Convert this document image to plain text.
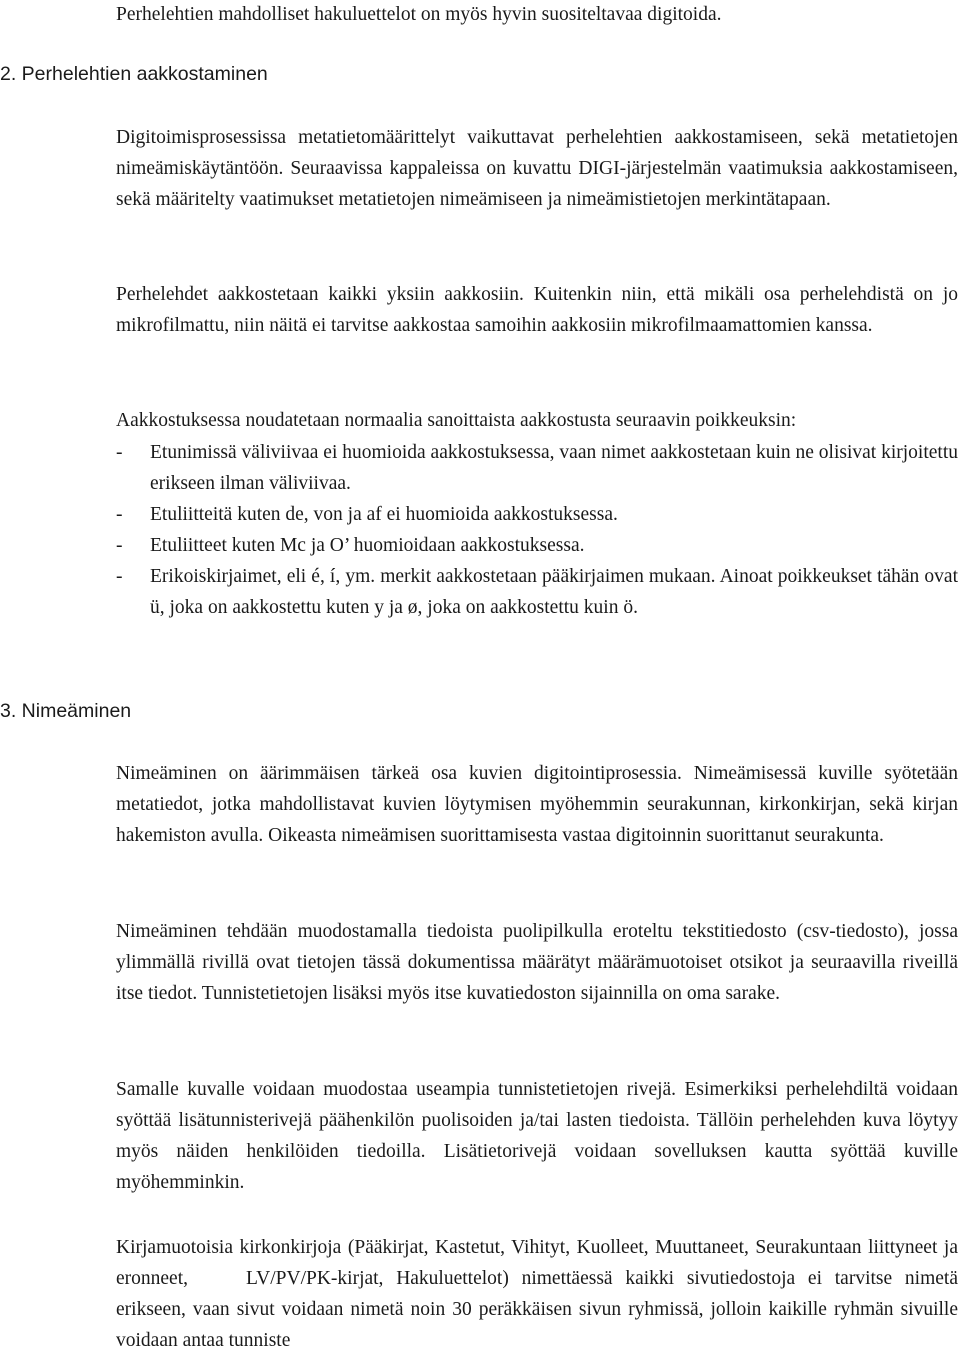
Perhelehtien mahdolliset hakuluettelot on myös hyvin suositeltavaa digitoida.

2. Perhelehtien aakkostaminen

Digitoimisprosessissa metatietomäärittelyt vaikuttavat perhelehtien aakkostamiseen, sekä metatietojen nimeämiskäytäntöön. Seuraavissa kappaleissa on kuvattu DIGI-järjestelmän vaatimuksia aakkostamiseen, sekä määritelty vaatimukset metatietojen nimeämiseen ja nimeämistietojen merkintätapaan.

Perhelehdet aakkostetaan kaikki yksiin aakkosiin. Kuitenkin niin, että mikäli osa perhelehdistä on jo mikrofilmattu, niin näitä ei tarvitse aakkostaa samoihin aakkosiin mikrofilmaamattomien kanssa.

Aakkostuksessa noudatetaan normaalia sanoittaista aakkostusta seuraavin poikkeuksin:

- Etunimissä väliviivaa ei huomioida aakkostuksessa, vaan nimet aakkostetaan kuin ne olisivat kirjoitettu erikseen ilman väliviivaa.
- Etuliitteitä kuten de, von ja af ei huomioida aakkostuksessa.
- Etuliitteet kuten Mc ja O’ huomioidaan aakkostuksessa.
- Erikoiskirjaimet, eli é, í, ym. merkit aakkostetaan pääkirjaimen mukaan. Ainoat poikkeukset tähän ovat ü, joka on aakkostettu kuten y ja ø, joka on aakkostettu kuin ö.
3. Nimeäminen

Nimeäminen on äärimmäisen tärkeä osa kuvien digitointiprosessia. Nimeämisessä kuville syötetään metatiedot, jotka mahdollistavat kuvien löytymisen myöhemmin seurakunnan, kirkonkirjan, sekä kirjan hakemiston avulla. Oikeasta nimeämisen suorittamisesta vastaa digitoinnin suorittanut seurakunta.

Nimeäminen tehdään muodostamalla tiedoista puolipilkulla eroteltu tekstitiedosto (csv-tiedosto), jossa ylimmällä rivillä ovat tietojen tässä dokumentissa määrätyt määrämuotoiset otsikot ja seuraavilla riveillä itse tiedot. Tunnistetietojen lisäksi myös itse kuvatiedoston sijainnilla on oma sarake.

Samalle kuvalle voidaan muodostaa useampia tunnistetietojen rivejä. Esimerkiksi perhelehdiltä voidaan syöttää lisätunnisterivejä päähenkilön puolisoiden ja/tai lasten tiedoista. Tällöin perhelehden kuva löytyy myös näiden henkilöiden tiedoilla. Lisätietorivejä voidaan sovelluksen kautta syöttää kuville myöhemminkin.

Kirjamuotoisia kirkonkirjoja (Pääkirjat, Kastetut, Vihityt, Kuolleet, Muuttaneet, Seurakuntaan liittyneet ja eronneet,	LV/PV/PK-kirjat, Hakuluettelot) nimettäessä kaikki sivutiedostoja ei tarvitse nimetä erikseen, vaan sivut voidaan nimetä noin 30 peräkkäisen sivun ryhmissä, jolloin kaikille ryhmän sivuille voidaan antaa tunniste
